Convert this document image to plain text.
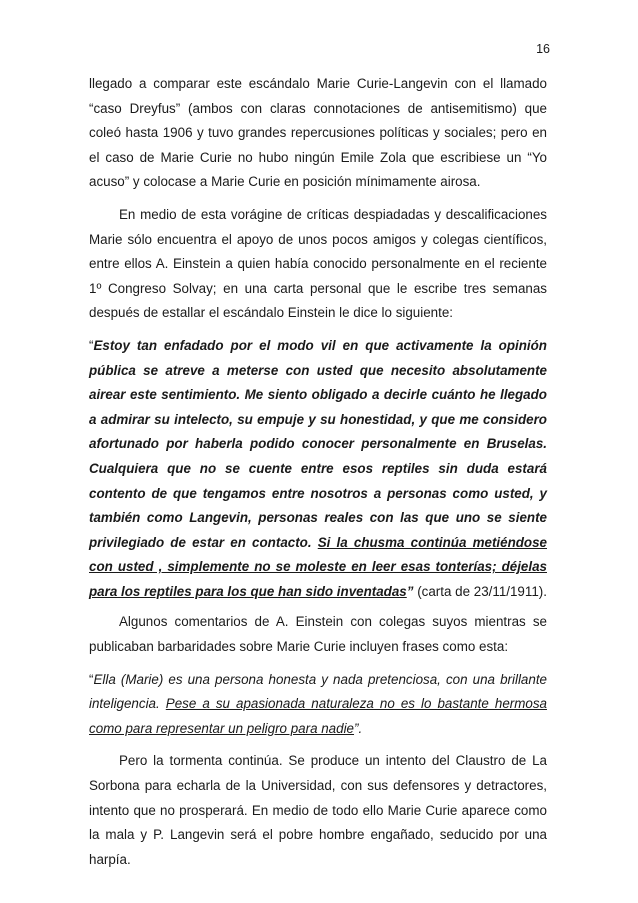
16

llegado a comparar este escándalo Marie Curie-Langevin con el llamado “caso Dreyfus” (ambos con claras connotaciones de antisemitismo) que coleó hasta 1906 y tuvo grandes repercusiones políticas y sociales; pero en el caso de Marie Curie no hubo ningún Emile Zola que escribiese un “Yo acuso” y colocase a Marie Curie en posición mínimamente airosa.

En medio de esta vorágine de críticas despiadadas y descalificaciones Marie sólo encuentra el apoyo de unos pocos amigos y colegas científicos, entre ellos A. Einstein a quien había conocido personalmente en el reciente 1º Congreso Solvay; en una carta personal que le escribe tres semanas después de estallar el escándalo Einstein le dice lo siguiente:

“Estoy tan enfadado por el modo vil en que activamente la opinión pública se atreve a meterse con usted que necesito absolutamente airear este sentimiento. Me siento obligado a decirle cuánto he llegado a admirar su intelecto, su empuje y su honestidad, y que me considero afortunado por haberla podido conocer personalmente en Bruselas. Cualquiera que no se cuente entre esos reptiles sin duda estará contento de que tengamos entre nosotros a personas como usted, y también como Langevin, personas reales con las que uno se siente privilegiado de estar en contacto. Si la chusma continúa metiéndose con usted , simplemente no se moleste en leer esas tonterías; déjelas para los reptiles para los que han sido inventadas” (carta de 23/11/1911).

Algunos comentarios de A. Einstein con colegas suyos mientras se publicaban barbaridades sobre Marie Curie incluyen frases como esta:

“Ella (Marie) es una persona honesta y nada pretenciosa, con una brillante inteligencia. Pese a su apasionada naturaleza no es lo bastante hermosa como para representar un peligro para nadie”.

Pero la tormenta continúa. Se produce un intento del Claustro de La Sorbona para echarla de la Universidad, con sus defensores y detractores, intento que no prosperará. En medio de todo ello Marie Curie aparece como la mala y P. Langevin será el pobre hombre engañado, seducido por una harpía.
